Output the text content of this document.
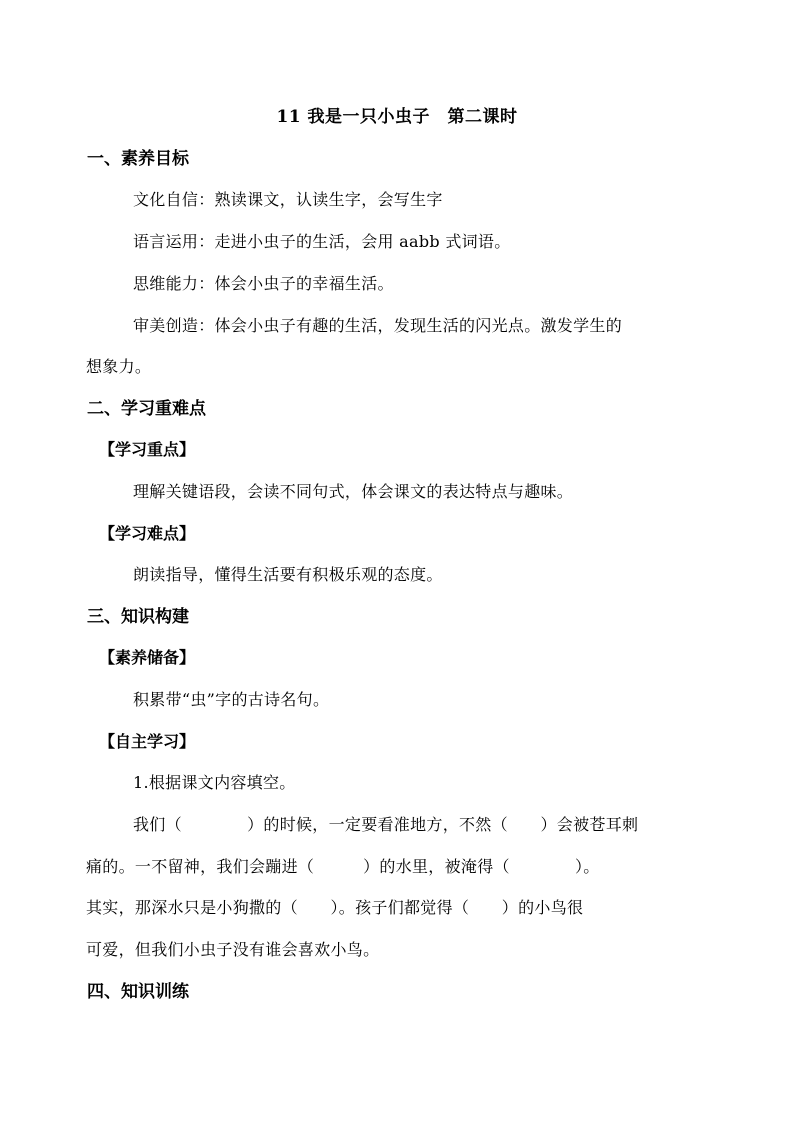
11 我是一只小虫子　第二课时
一、素养目标
文化自信：熟读课文，认读生字，会写生字
语言运用：走进小虫子的生活，会用 aabb 式词语。
思维能力：体会小虫子的幸福生活。
审美创造：体会小虫子有趣的生活，发现生活的闪光点。激发学生的
想象力。
二、学习重难点
【学习重点】
理解关键语段，会读不同句式，体会课文的表达特点与趣味。
【学习难点】
朗读指导，懂得生活要有积极乐观的态度。
三、知识构建
【素养储备】
积累带“虫”字的古诗名句。
【自主学习】
1.根据课文内容填空。
我们（　　　　）的时候，一定要看准地方，不然（　　）会被苍耳刺
痛的。一不留神，我们会蹦进（　　　）的水里，被淹得（　　　　）。
其实，那深水只是小狗撒的（　　）。孩子们都觉得（　　）的小鸟很
可爱，但我们小虫子没有谁会喜欢小鸟。
四、知识训练
